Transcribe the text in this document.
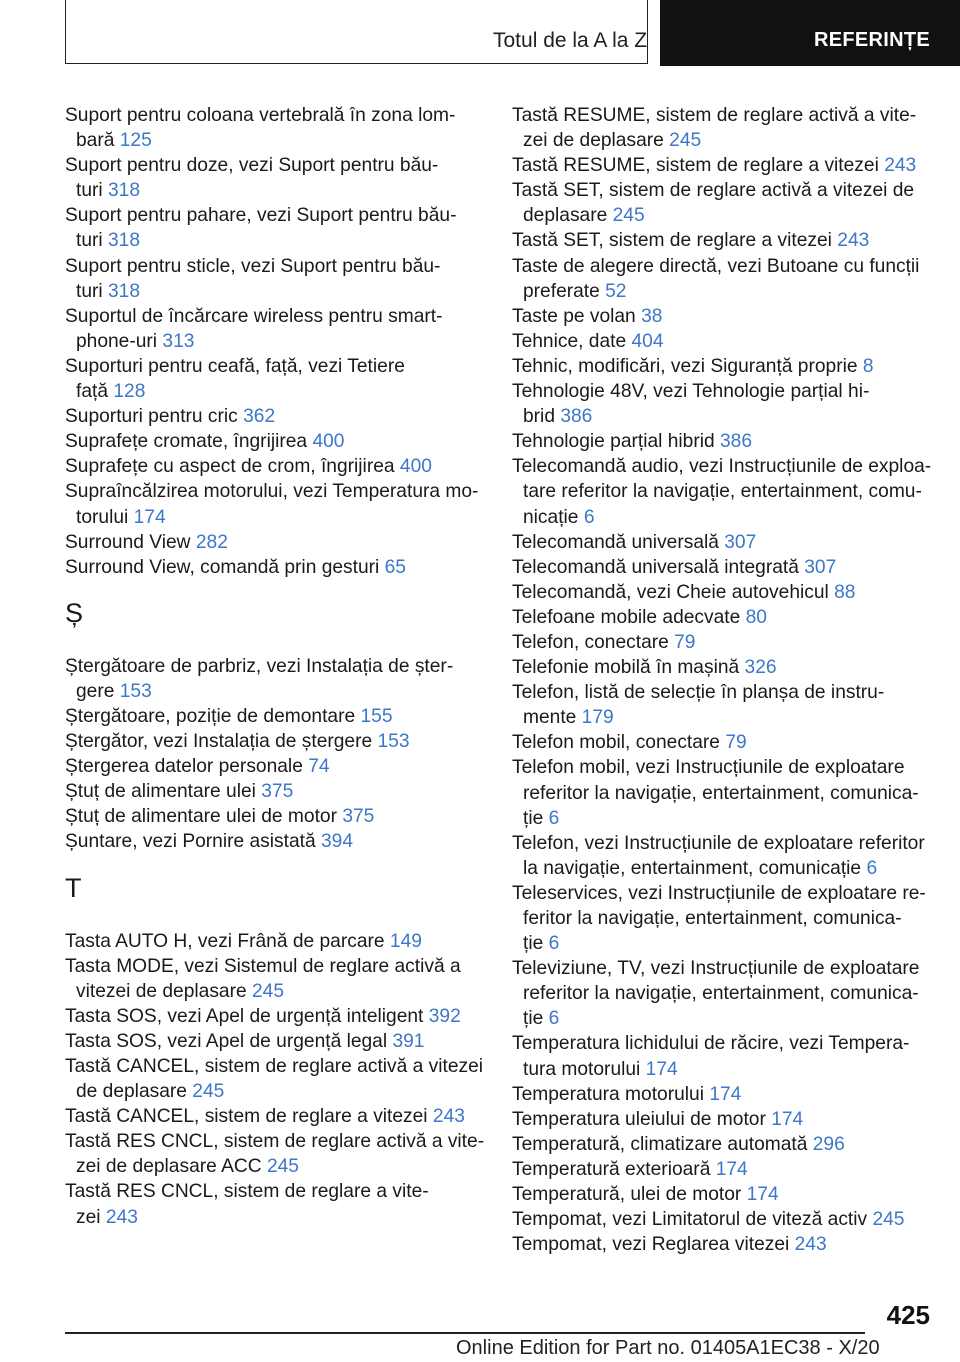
Totul de la A la Z	REFERINȚE
Suport pentru coloana vertebrală în zona lom-
bară 125
Suport pentru doze, vezi Suport pentru bău-
turi 318
Suport pentru pahare, vezi Suport pentru bău-
turi 318
Suport pentru sticle, vezi Suport pentru bău-
turi 318
Suportul de încărcare wireless pentru smart-
phone-uri 313
Suporturi pentru ceafă, față, vezi Tetiere
față 128
Suporturi pentru cric 362
Suprafețe cromate, îngrijirea 400
Suprafețe cu aspect de crom, îngrijirea 400
Supraîncălzirea motorului, vezi Temperatura mo-
torului 174
Surround View 282
Surround View, comandă prin gesturi 65
Ș
Ștergătoare de parbriz, vezi Instalația de șter-
gere 153
Ștergătoare, poziție de demontare 155
Ștergător, vezi Instalația de ștergere 153
Ștergerea datelor personale 74
Ștuț de alimentare ulei 375
Ștuț de alimentare ulei de motor 375
Șuntare, vezi Pornire asistată 394
T
Tasta AUTO H, vezi Frână de parcare 149
Tasta MODE, vezi Sistemul de reglare activă a
vitezei de deplasare 245
Tasta SOS, vezi Apel de urgență inteligent 392
Tasta SOS, vezi Apel de urgență legal 391
Tastă CANCEL, sistem de reglare activă a vitezei
de deplasare 245
Tastă CANCEL, sistem de reglare a vitezei 243
Tastă RES CNCL, sistem de reglare activă a vite-
zei de deplasare ACC 245
Tastă RES CNCL, sistem de reglare a vite-
zei 243
Tastă RESUME, sistem de reglare activă a vite-
zei de deplasare 245
Tastă RESUME, sistem de reglare a vitezei 243
Tastă SET, sistem de reglare activă a vitezei de
deplasare 245
Tastă SET, sistem de reglare a vitezei 243
Taste de alegere directă, vezi Butoane cu funcții
preferate 52
Taste pe volan 38
Tehnice, date 404
Tehnic, modificări, vezi Siguranță proprie 8
Tehnologie 48V, vezi Tehnologie parțial hi-
brid 386
Tehnologie parțial hibrid 386
Telecomandă audio, vezi Instrucțiunile de exploa-
tare referitor la navigație, entertainment, comu-
nicație 6
Telecomandă universală 307
Telecomandă universală integrată 307
Telecomandă, vezi Cheie autovehicul 88
Telefoane mobile adecvate 80
Telefon, conectare 79
Telefonie mobilă în mașină 326
Telefon, listă de selecție în planșa de instru-
mente 179
Telefon mobil, conectare 79
Telefon mobil, vezi Instrucțiunile de exploatare
referitor la navigație, entertainment, comunica-
ție 6
Telefon, vezi Instrucțiunile de exploatare referitor
la navigație, entertainment, comunicație 6
Teleservices, vezi Instrucțiunile de exploatare re-
feritor la navigație, entertainment, comunica-
ție 6
Televiziune, TV, vezi Instrucțiunile de exploatare
referitor la navigație, entertainment, comunica-
ție 6
Temperatura lichidului de răcire, vezi Tempera-
tura motorului 174
Temperatura motorului 174
Temperatura uleiului de motor 174
Temperatură, climatizare automată 296
Temperatură exterioară 174
Temperatură, ulei de motor 174
Tempomat, vezi Limitatorul de viteză activ 245
Tempomat, vezi Reglarea vitezei 243
425
Online Edition for Part no. 01405A1EC38 - X/20
